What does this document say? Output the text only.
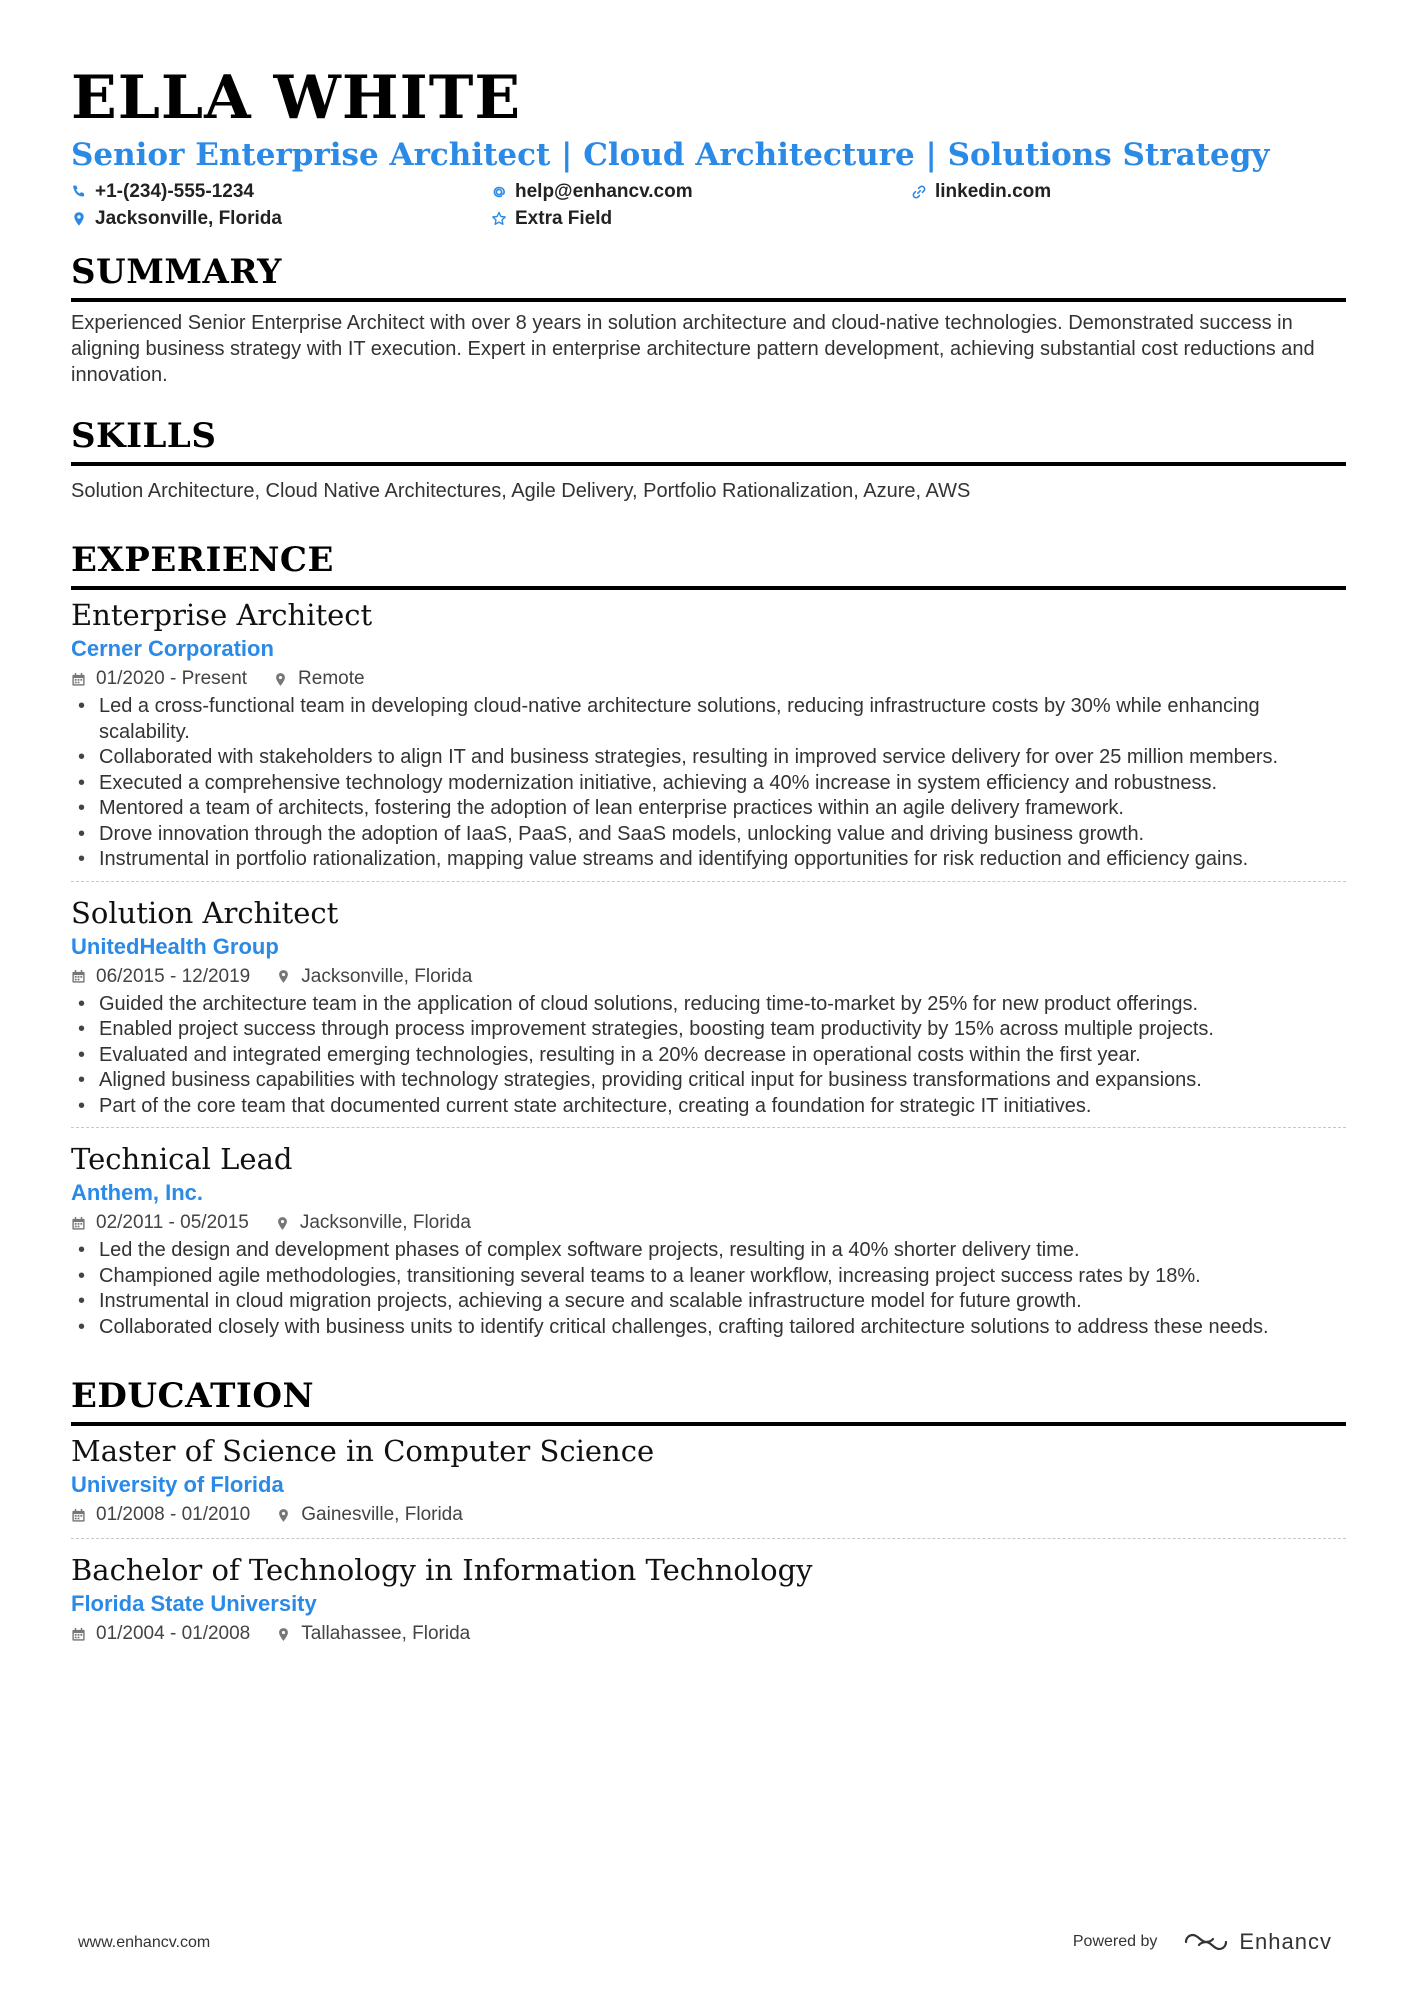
ELLA WHITE
Senior Enterprise Architect | Cloud Architecture | Solutions Strategy
+1-(234)-555-1234	help@enhancv.com	linkedin.com
Jacksonville, Florida	Extra Field
SUMMARY

Experienced Senior Enterprise Architect with over 8 years in solution architecture and cloud-native technologies. Demonstrated success in aligning business strategy with IT execution. Expert in enterprise architecture pattern development, achieving substantial cost reductions and innovation.

SKILLS

Solution Architecture, Cloud Native Architectures, Agile Delivery, Portfolio Rationalization, Azure, AWS

EXPERIENCE
Enterprise Architect
Cerner Corporation
01/2020 - Present	Remote
• Led a cross-functional team in developing cloud-native architecture solutions, reducing infrastructure costs by 30% while enhancing scalability.
• Collaborated with stakeholders to align IT and business strategies, resulting in improved service delivery for over 25 million members.
• Executed a comprehensive technology modernization initiative, achieving a 40% increase in system efficiency and robustness.
• Mentored a team of architects, fostering the adoption of lean enterprise practices within an agile delivery framework.
• Drove innovation through the adoption of IaaS, PaaS, and SaaS models, unlocking value and driving business growth.
• Instrumental in portfolio rationalization, mapping value streams and identifying opportunities for risk reduction and efficiency gains.
Solution Architect
UnitedHealth Group
06/2015 - 12/2019	Jacksonville, Florida
• Guided the architecture team in the application of cloud solutions, reducing time-to-market by 25% for new product offerings.
• Enabled project success through process improvement strategies, boosting team productivity by 15% across multiple projects.
• Evaluated and integrated emerging technologies, resulting in a 20% decrease in operational costs within the first year.
• Aligned business capabilities with technology strategies, providing critical input for business transformations and expansions.
• Part of the core team that documented current state architecture, creating a foundation for strategic IT initiatives.
Technical Lead
Anthem, Inc.
02/2011 - 05/2015	Jacksonville, Florida
• Led the design and development phases of complex software projects, resulting in a 40% shorter delivery time.
• Championed agile methodologies, transitioning several teams to a leaner workflow, increasing project success rates by 18%.
• Instrumental in cloud migration projects, achieving a secure and scalable infrastructure model for future growth.
• Collaborated closely with business units to identify critical challenges, crafting tailored architecture solutions to address these needs.
EDUCATION
Master of Science in Computer Science
University of Florida
01/2008 - 01/2010	Gainesville, Florida
Bachelor of Technology in Information Technology
Florida State University
01/2004 - 01/2008	Tallahassee, Florida
www.enhancv.com	Powered by	Enhancv
